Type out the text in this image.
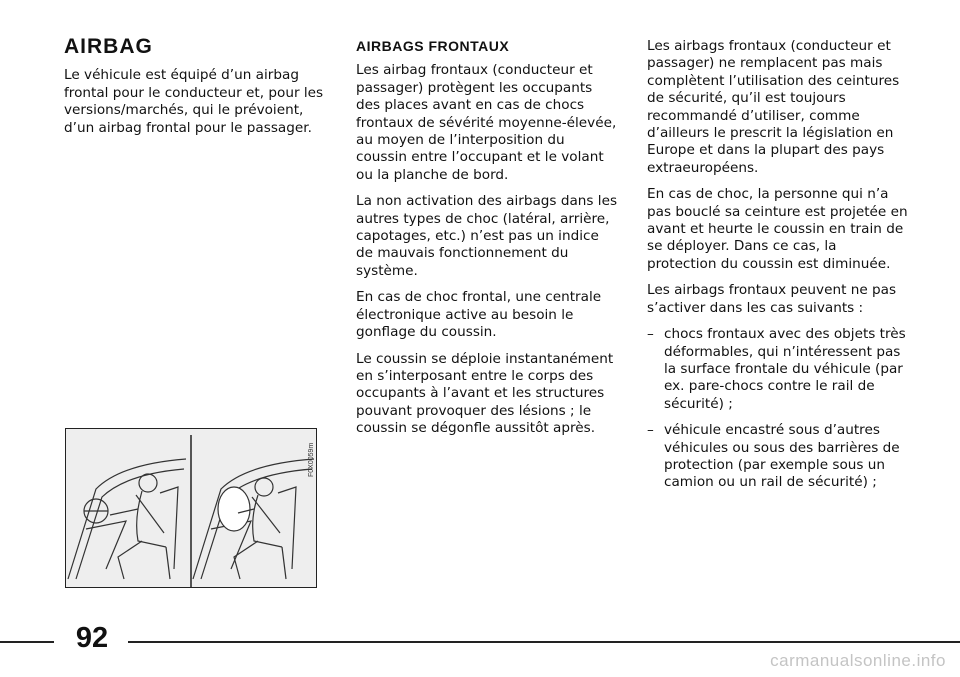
AIRBAG

Le véhicule est équipé d’un airbag frontal pour le conducteur et, pour les versions/marchés, qui le prévoient, d’un airbag frontal pour le passager.

F0X0059m
AIRBAGS FRONTAUX

Les airbag frontaux (conducteur et passager) protègent les occupants des places avant en cas de chocs frontaux de sévérité moyenne-élevée, au moyen de l’interposition du coussin entre l’occupant et le volant ou la planche de bord.

La non activation des airbags dans les autres types de choc (latéral, arrière, capotages, etc.) n’est pas un indice de mauvais fonctionnement du système.

En cas de choc frontal, une centrale électronique active au besoin le gonflage du coussin.

Le coussin se déploie instantanément en s’interposant entre le corps des occupants à l’avant et les structures pouvant provoquer des lésions ; le coussin se dégonfle aussitôt après.

Les airbags frontaux (conducteur et passager) ne remplacent pas mais complètent l’utilisation des ceintures de sécurité, qu’il est toujours recommandé d’utiliser, comme d’ailleurs le prescrit la législation en Europe et dans la plupart des pays extraeuropéens.

En cas de choc, la personne qui n’a pas bouclé sa ceinture est projetée en avant et heurte le coussin en train de se déployer. Dans ce cas, la protection du coussin est diminuée.

Les airbags frontaux peuvent ne pas s’activer dans les cas suivants :

– chocs frontaux avec des objets très déformables, qui n’intéressent pas la surface frontale du véhicule (par ex. pare-chocs contre le rail de sécurité) ;
– véhicule encastré sous d’autres véhicules ou sous des barrières de protection (par exemple sous un camion ou un rail de sécurité) ;
92
carmanualsonline.info
